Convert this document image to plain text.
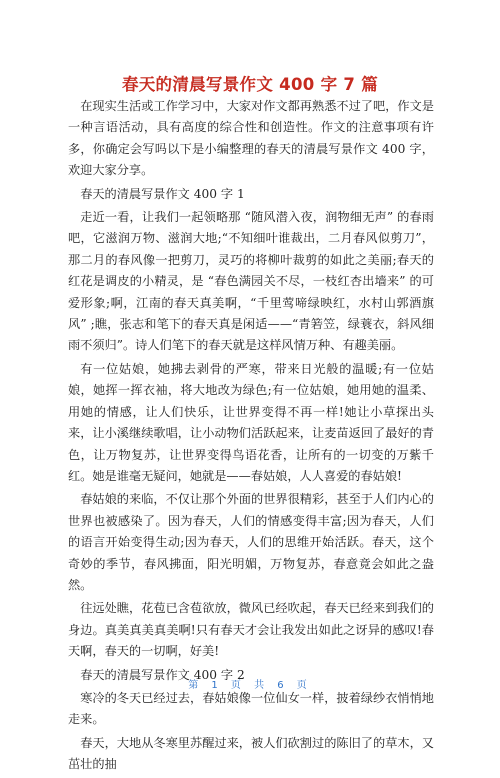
春天的清晨写景作文 400 字 7 篇

在现实生活或工作学习中，大家对作文都再熟悉不过了吧，作文是一种言语活动，具有高度的综合性和创造性。作文的注意事项有许多，你确定会写吗以下是小编整理的春天的清晨写景作文 400 字，欢迎大家分享。

春天的清晨写景作文 400 字 1

走近一看，让我们一起领略那 “随风潜入夜，润物细无声” 的春雨吧，它滋润万物、滋润大地;“不知细叶谁裁出，二月春风似剪刀”，那二月的春风像一把剪刀，灵巧的将柳叶裁剪的如此之美丽;春天的红花是调皮的小精灵，是 “春色满园关不尽，一枝红杏出墙来” 的可爱形象;啊，江南的春天真美啊，“千里莺啼绿映红，水村山郭酒旗风” ;瞧，张志和笔下的春天真是闲适——“青箬笠，绿蓑衣，斜风细雨不须归”。诗人们笔下的春天就是这样风情万种、有趣美丽。

有一位姑娘，她拂去剥骨的严寒，带来日光般的温暖;有一位姑娘，她挥一挥衣袖，将大地改为绿色;有一位姑娘，她用她的温柔、用她的情感，让人们快乐，让世界变得不再一样!她让小草探出头来，让小溪继续歌唱，让小动物们活跃起来，让麦苗返回了最好的青色，让万物复苏，让世界变得鸟语花香，让所有的一切变的万紫千红。她是谁毫无疑问，她就是——春姑娘，人人喜爱的春姑娘!

春姑娘的来临，不仅让那个外面的世界很精彩，甚至于人们内心的世界也被感染了。因为春天，人们的情感变得丰富;因为春天，人们的语言开始变得生动;因为春天，人们的思维开始活跃。春天，这个奇妙的季节，春风拂面，阳光明媚，万物复苏，春意竟会如此之盎然。

往远处瞧，花苞已含苞欲放，微风已经吹起，春天已经来到我们的身边。真美真美真美啊!只有春天才会让我发出如此之讶异的感叹!春天啊，春天的一切啊，好美!

春天的清晨写景作文 400 字 2

寒冷的冬天已经过去，春姑娘像一位仙女一样，披着绿纱衣悄悄地走来。

春天，大地从冬寒里苏醒过来，被人们砍割过的陈旧了的草木，又茁壮的抽

第 1 页 共 6 页
